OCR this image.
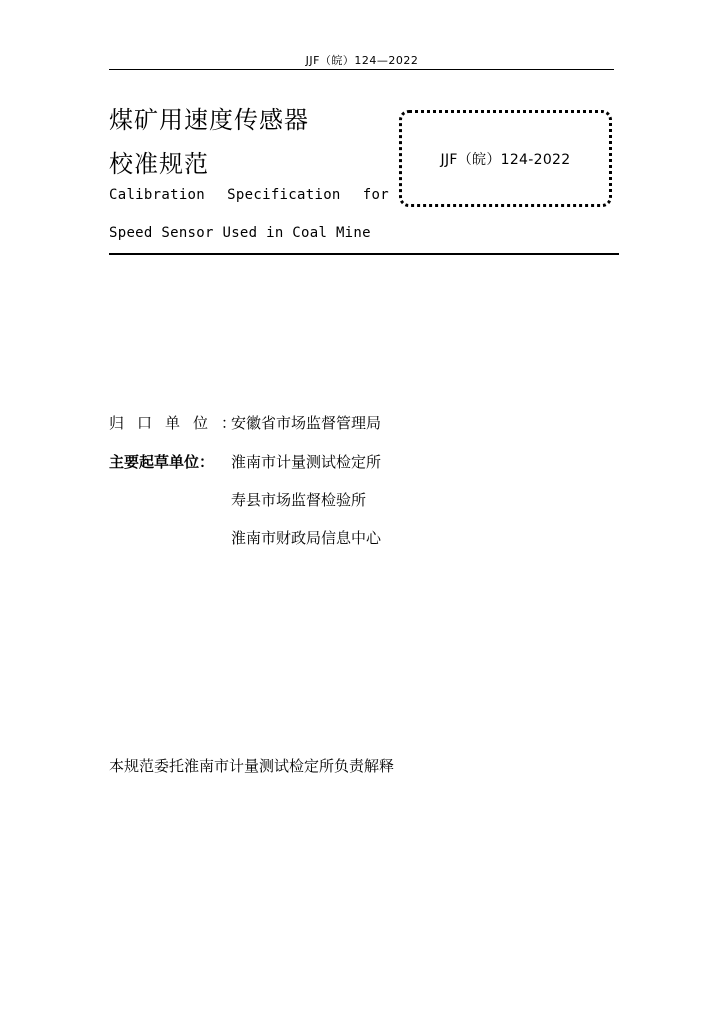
JJF（皖）124—2022
煤矿用速度传感器
校准规范
Calibration Specification for
Speed Sensor Used in Coal Mine
JJF（皖）124-2022
归口单位：
安徽省市场监督管理局
主要起草单位： 淮南市计量测试检定所
寿县市场监督检验所
淮南市财政局信息中心
本规范委托淮南市计量测试检定所负责解释
